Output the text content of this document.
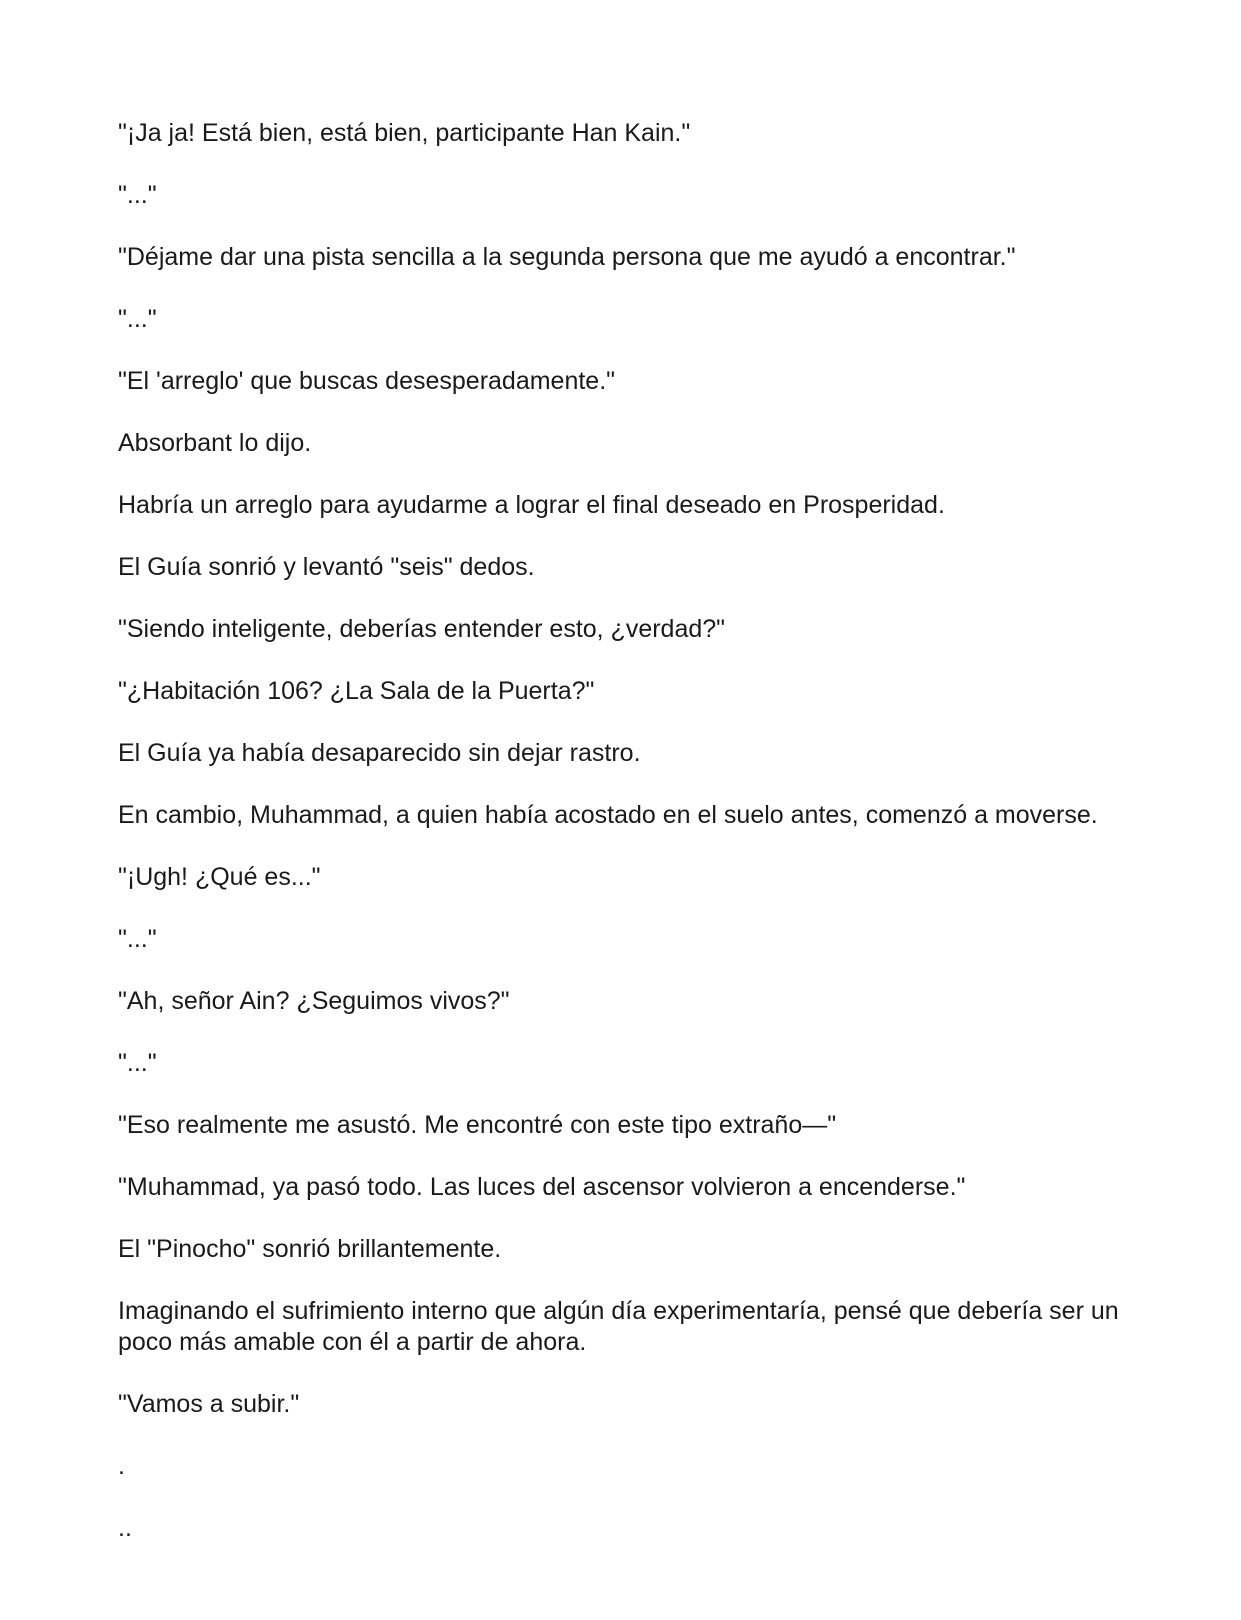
"¡Ja ja! Está bien, está bien, participante Han Kain."

"..."

"Déjame dar una pista sencilla a la segunda persona que me ayudó a encontrar."

"..."

"El 'arreglo' que buscas desesperadamente."

Absorbant lo dijo.

Habría un arreglo para ayudarme a lograr el final deseado en Prosperidad.

El Guía sonrió y levantó "seis" dedos.

"Siendo inteligente, deberías entender esto, ¿verdad?"

"¿Habitación 106? ¿La Sala de la Puerta?"

El Guía ya había desaparecido sin dejar rastro.

En cambio, Muhammad, a quien había acostado en el suelo antes, comenzó a moverse.

"¡Ugh! ¿Qué es..."

"..."

"Ah, señor Ain? ¿Seguimos vivos?"

"..."

"Eso realmente me asustó. Me encontré con este tipo extraño—"

"Muhammad, ya pasó todo. Las luces del ascensor volvieron a encenderse."

El "Pinocho" sonrió brillantemente.

Imaginando el sufrimiento interno que algún día experimentaría, pensé que debería ser un poco más amable con él a partir de ahora.

"Vamos a subir."

.

..
